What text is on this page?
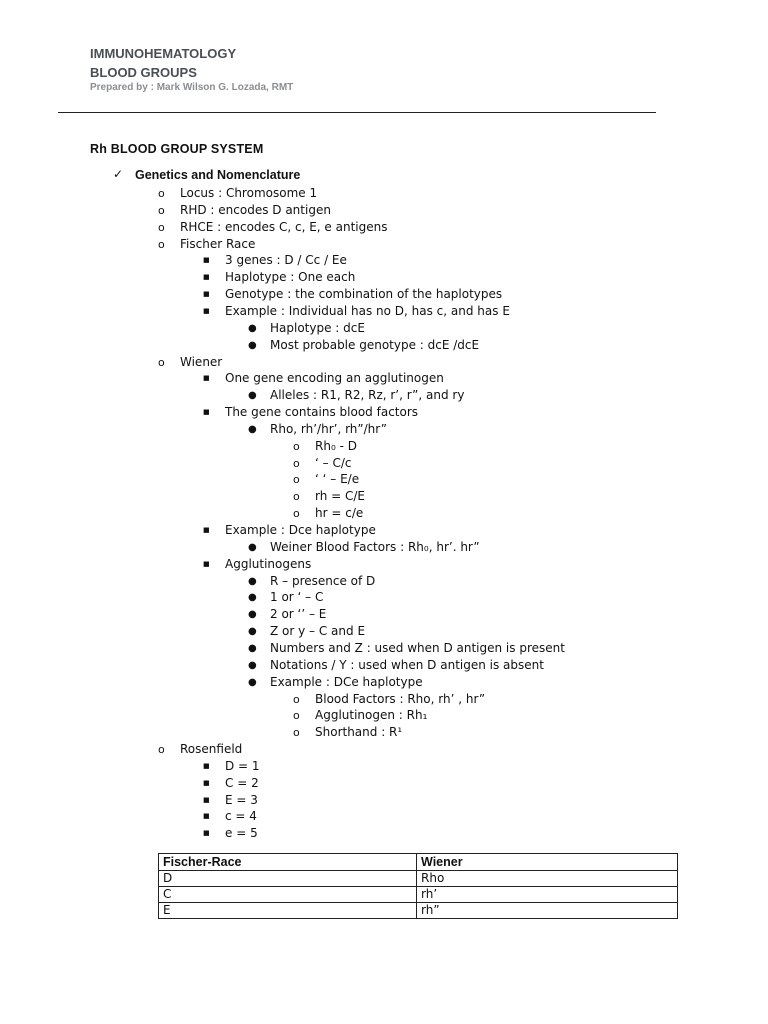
IMMUNOHEMATOLOGY
BLOOD GROUPS
Prepared by : Mark Wilson G. Lozada, RMT
Rh BLOOD GROUP SYSTEM
✓ Genetics and Nomenclature
o	Locus : Chromosome 1
o	RHD : encodes D antigen
o	RHCE : encodes C, c, E, e antigens
o	Fischer Race
■	3 genes : D / Cc / Ee
■	Haplotype : One each
■	Genotype : the combination of the haplotypes
■	Example : Individual has no D, has c, and has E
● Haplotype : dcE
● Most probable genotype : dcE /dcE
o	Wiener
■	One gene encoding an agglutinogen
● Alleles : R1, R2, Rz, r’, r”, and ry
■	The gene contains blood factors
● Rho, rh’/hr’, rh”/hr”
o	Rh₀ - D
o	‘ – C/c
o	‘ ‘ – E/e
o	rh = C/E
o	hr = c/e
■	Example : Dce haplotype
● Weiner Blood Factors : Rh₀, hr’. hr”
■	Agglutinogens
● R – presence of D
● 1 or ‘ – C
● 2 or ‘’ – E
● Z or y – C and E
● Numbers and Z : used when D antigen is present
● Notations / Y : used when D antigen is absent
● Example : DCe haplotype
o	Blood Factors : Rho, rh’ , hr”
o	Agglutinogen : Rh₁
o	Shorthand : R¹
o	Rosenfield
■	D = 1
■	C = 2
■	E = 3
■	c = 4
■	e = 5
Fischer-Race	Wiener
D	Rho
C	rh’
E	rh”
